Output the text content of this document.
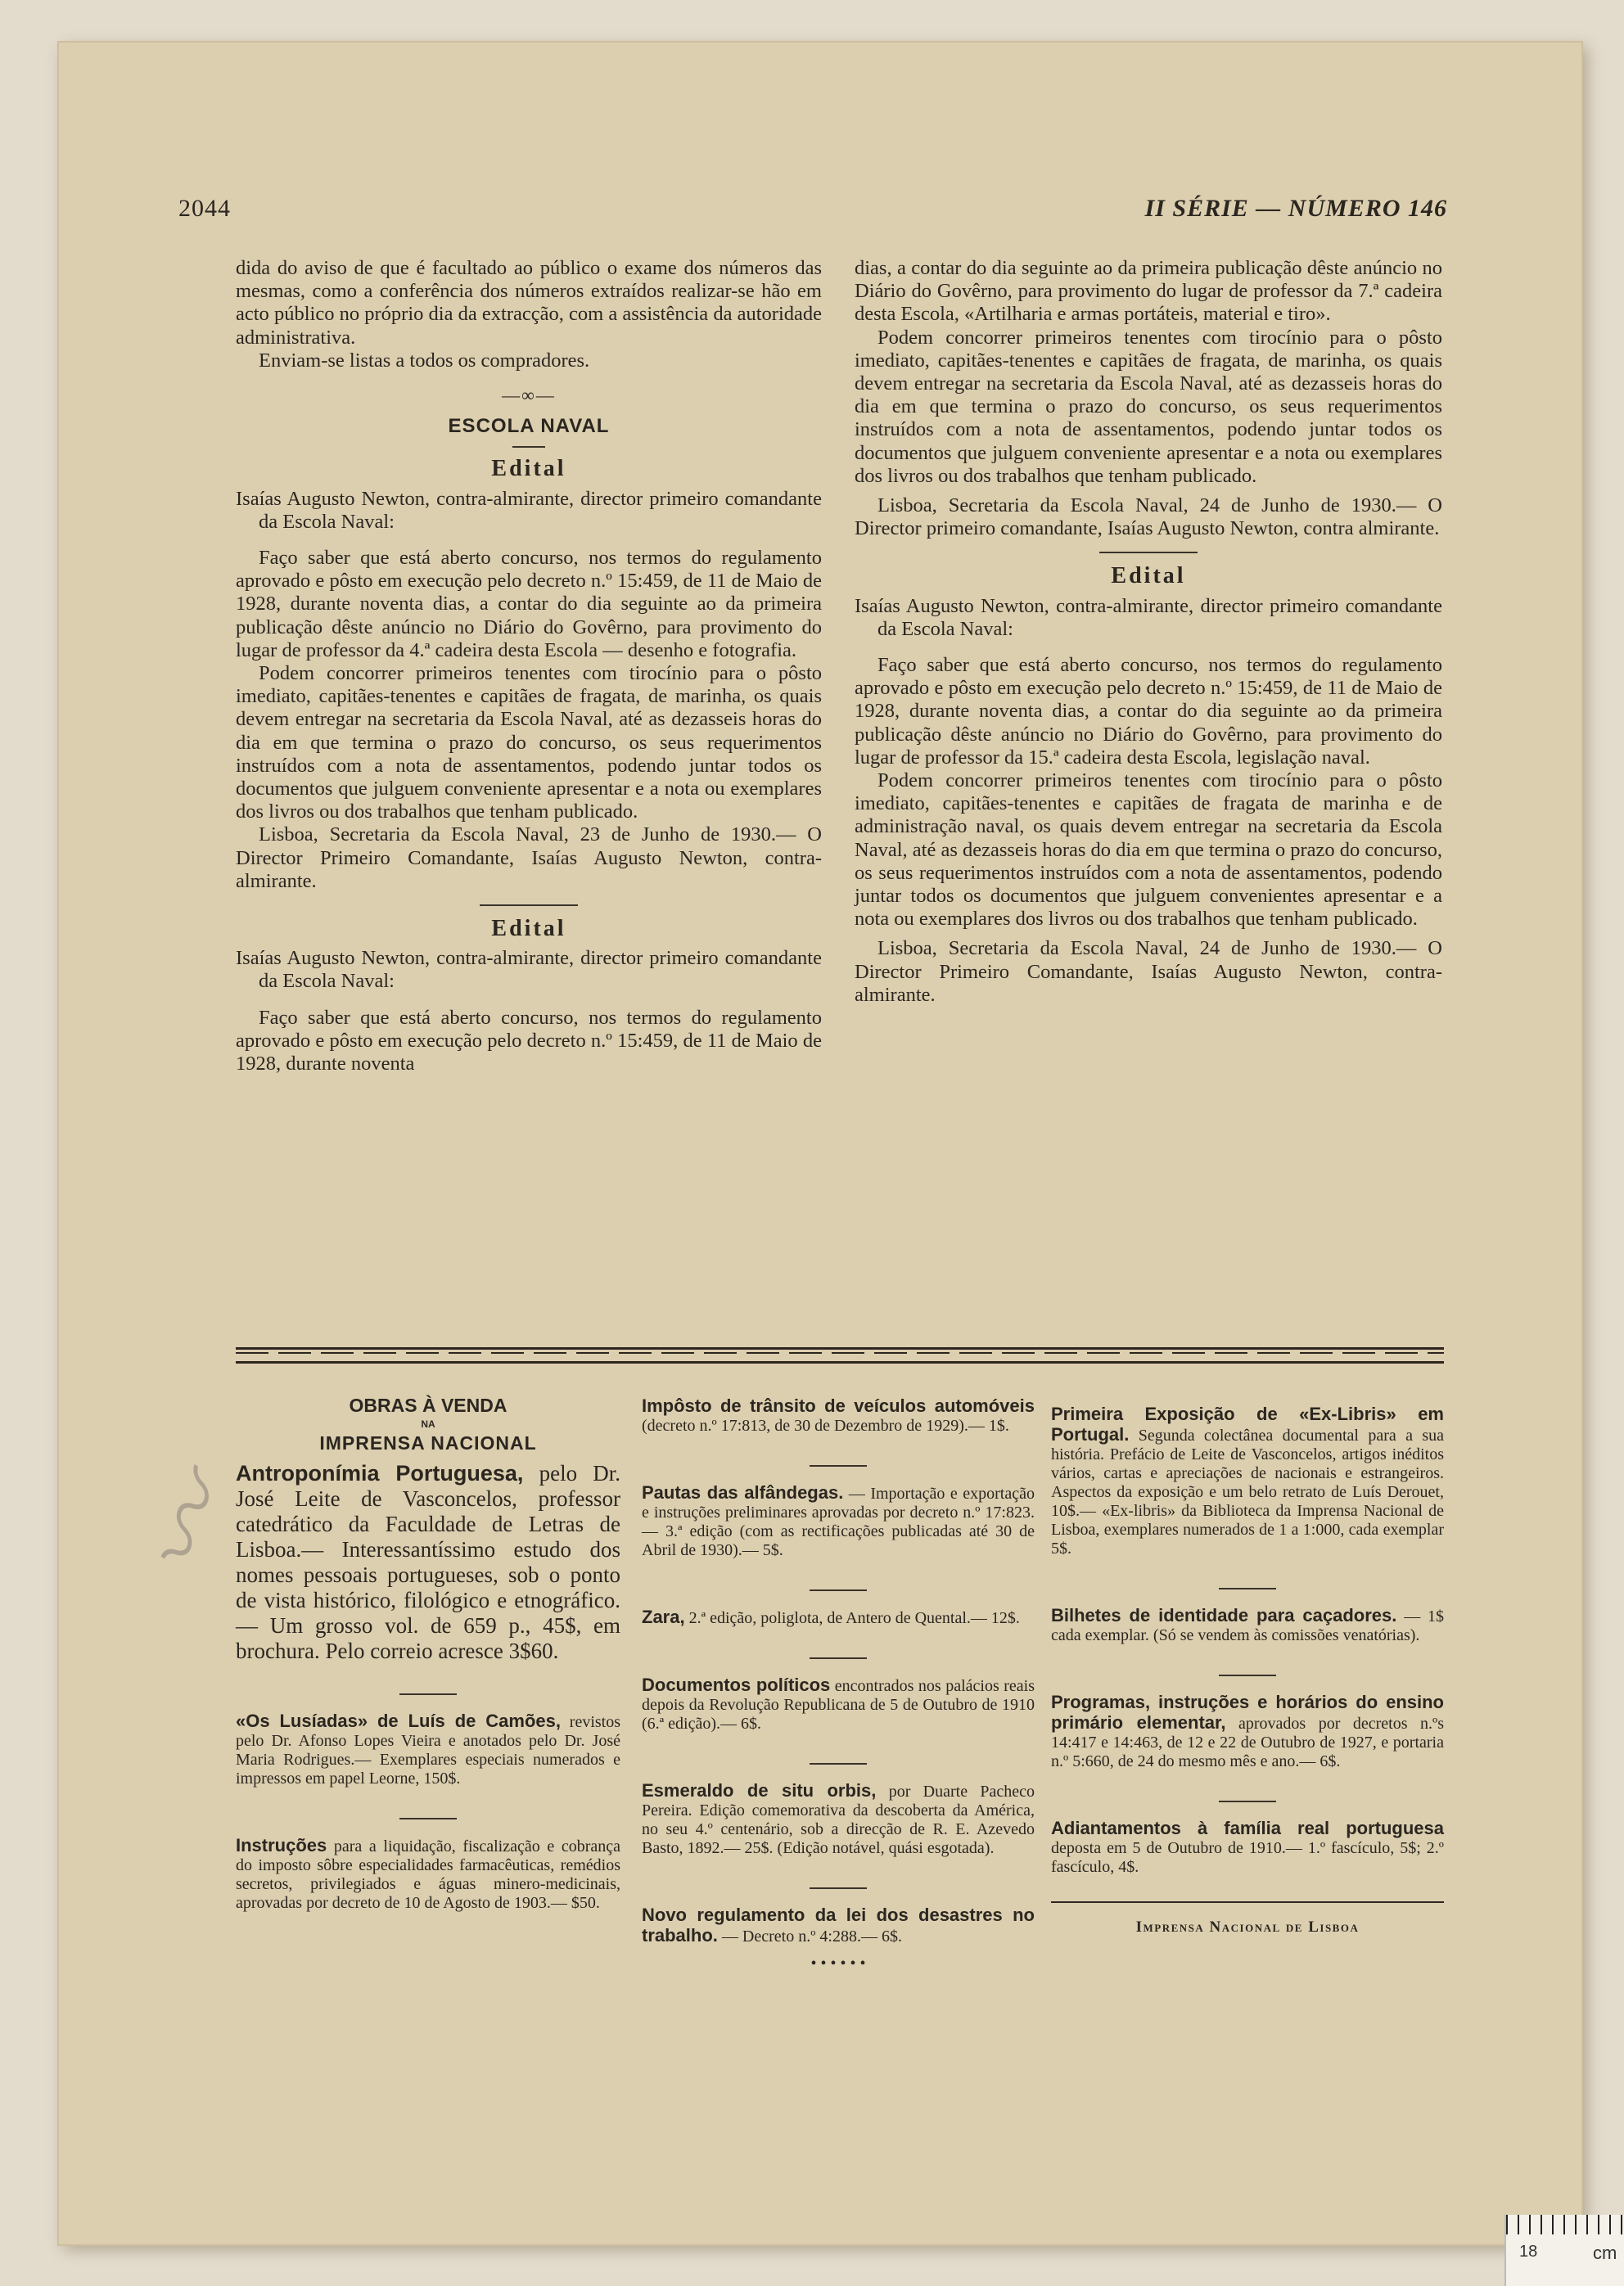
〰
2044	II SÉRIE — NÚMERO 146

dida do aviso de que é facultado ao público o exame dos números das mesmas, como a conferência dos números extraídos realizar-se hão em acto público no próprio dia da extracção, com a assistência da autoridade administrativa.

Enviam-se listas a todos os compradores.

—∞—
ESCOLA NAVAL
Edital

Isaías Augusto Newton, contra-almirante, director primeiro comandante da Escola Naval:

Faço saber que está aberto concurso, nos termos do regulamento aprovado e pôsto em execução pelo decreto n.º 15:459, de 11 de Maio de 1928, durante noventa dias, a contar do dia seguinte ao da primeira publicação dêste anúncio no Diário do Govêrno, para provimento do lugar de professor da 4.ª cadeira desta Escola — desenho e fotografia.

Podem concorrer primeiros tenentes com tirocínio para o pôsto imediato, capitães-tenentes e capitães de fragata, de marinha, os quais devem entregar na secretaria da Escola Naval, até as dezasseis horas do dia em que termina o prazo do concurso, os seus requerimentos instruídos com a nota de assentamentos, podendo juntar todos os documentos que julguem conveniente apresentar e a nota ou exemplares dos livros ou dos trabalhos que tenham publicado.

Lisboa, Secretaria da Escola Naval, 23 de Junho de 1930.— O Director Primeiro Comandante, Isaías Augusto Newton, contra-almirante.

Edital

Isaías Augusto Newton, contra-almirante, director primeiro comandante da Escola Naval:

Faço saber que está aberto concurso, nos termos do regulamento aprovado e pôsto em execução pelo decreto n.º 15:459, de 11 de Maio de 1928, durante noventa

dias, a contar do dia seguinte ao da primeira publicação dêste anúncio no Diário do Govêrno, para provimento do lugar de professor da 7.ª cadeira desta Escola, «Artilharia e armas portáteis, material e tiro».

Podem concorrer primeiros tenentes com tirocínio para o pôsto imediato, capitães-tenentes e capitães de fragata, de marinha, os quais devem entregar na secretaria da Escola Naval, até as dezasseis horas do dia em que termina o prazo do concurso, os seus requerimentos instruídos com a nota de assentamentos, podendo juntar todos os documentos que julguem conveniente apresentar e a nota ou exemplares dos livros ou dos trabalhos que tenham publicado.

Lisboa, Secretaria da Escola Naval, 24 de Junho de 1930.— O Director primeiro comandante, Isaías Augusto Newton, contra almirante.

Edital

Isaías Augusto Newton, contra-almirante, director primeiro comandante da Escola Naval:

Faço saber que está aberto concurso, nos termos do regulamento aprovado e pôsto em execução pelo decreto n.º 15:459, de 11 de Maio de 1928, durante noventa dias, a contar do dia seguinte ao da primeira publicação dêste anúncio no Diário do Govêrno, para provimento do lugar de professor da 15.ª cadeira desta Escola, legislação naval.

Podem concorrer primeiros tenentes com tirocínio para o pôsto imediato, capitães-tenentes e capitães de fragata de marinha e de administração naval, os quais devem entregar na secretaria da Escola Naval, até as dezasseis horas do dia em que termina o prazo do concurso, os seus requerimentos instruídos com a nota de assentamentos, podendo juntar todos os documentos que julguem convenientes apresentar e a nota ou exemplares dos livros ou dos trabalhos que tenham publicado.

Lisboa, Secretaria da Escola Naval, 24 de Junho de 1930.— O Director Primeiro Comandante, Isaías Augusto Newton, contra-almirante.

OBRAS À VENDA
NA
IMPRENSA NACIONAL
Antroponímia Portuguesa, pelo Dr. José Leite de Vasconcelos, professor catedrático da Faculdade de Letras de Lisboa.— Interessantíssimo estudo dos nomes pessoais portugueses, sob o ponto de vista histórico, filológico e etnográfico.— Um grosso vol. de 659 p., 45$, em brochura. Pelo correio acresce 3$60.
«Os Lusíadas» de Luís de Camões, revistos pelo Dr. Afonso Lopes Vieira e anotados pelo Dr. José Maria Rodrigues.— Exemplares especiais numerados e impressos em papel Leorne, 150$.
Instruções para a liquidação, fiscalização e cobrança do imposto sôbre especialidades farmacêuticas, remédios secretos, privilegiados e águas minero-medicinais, aprovadas por decreto de 10 de Agosto de 1903.— $50.
Impôsto de trânsito de veículos automóveis (decreto n.º 17:813, de 30 de Dezembro de 1929).— 1$.
Pautas das alfândegas. — Importação e exportação e instruções preliminares aprovadas por decreto n.º 17:823.— 3.ª edição (com as rectificações publicadas até 30 de Abril de 1930).— 5$.
Zara, 2.ª edição, poliglota, de Antero de Quental.— 12$.
Documentos políticos encontrados nos palácios reais depois da Revolução Republicana de 5 de Outubro de 1910 (6.ª edição).— 6$.
Esmeraldo de situ orbis, por Duarte Pacheco Pereira. Edição comemorativa da descoberta da América, no seu 4.º centenário, sob a direcção de R. E. Azevedo Basto, 1892.— 25$. (Edição notável, quási esgotada).
Novo regulamento da lei dos desastres no trabalho. — Decreto n.º 4:288.— 6$.
• • • • • •
Primeira Exposição de «Ex-Libris» em Portugal. Segunda colectânea documental para a sua história. Prefácio de Leite de Vasconcelos, artigos inéditos vários, cartas e apreciações de nacionais e estrangeiros. Aspectos da exposição e um belo retrato de Luís Derouet, 10$.— «Ex-libris» da Biblioteca da Imprensa Nacional de Lisboa, exemplares numerados de 1 a 1:000, cada exemplar 5$.
Bilhetes de identidade para caçadores. — 1$ cada exemplar. (Só se vendem às comissões venatórias).
Programas, instruções e horários do ensino primário elementar, aprovados por decretos n.ºs 14:417 e 14:463, de 12 e 22 de Outubro de 1927, e portaria n.º 5:660, de 24 do mesmo mês e ano.— 6$.
Adiantamentos à família real portuguesa deposta em 5 de Outubro de 1910.— 1.º fascículo, 5$; 2.º fascículo, 4$.
Imprensa Nacional de Lisboa
18	cm
